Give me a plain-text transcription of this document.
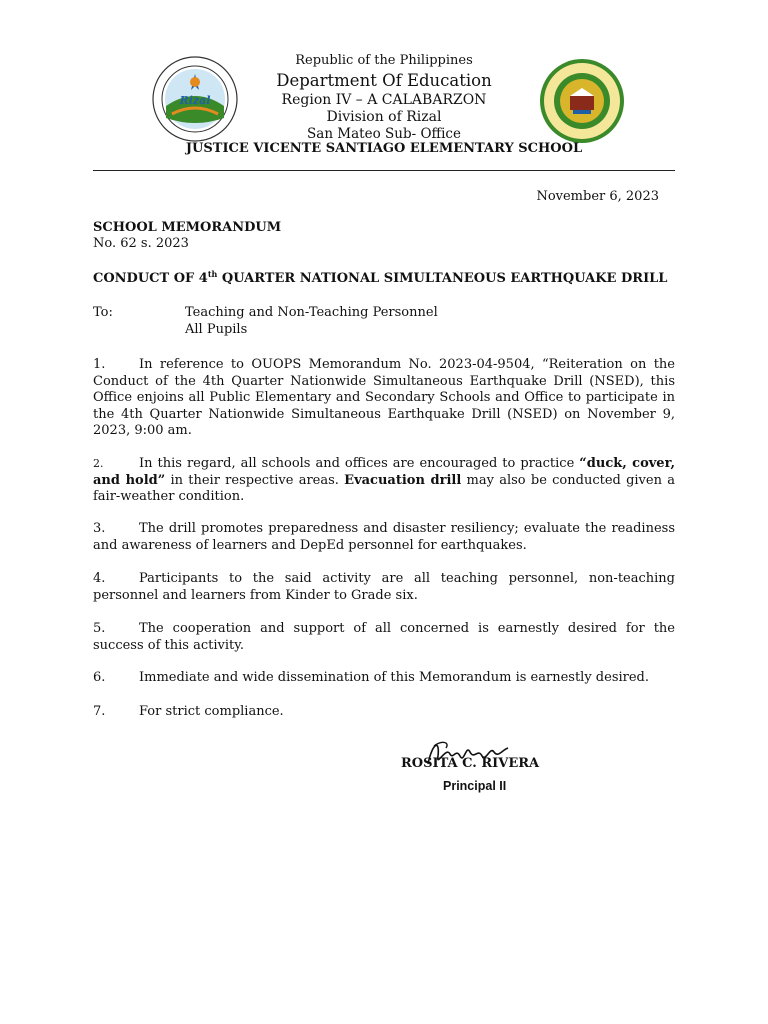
Rizal
Republic of the Philippines
Department Of Education
Region IV – A CALABARZON
Division of Rizal
San Mateo Sub- Office
JUSTICE VICENTE SANTIAGO ELEMENTARY SCHOOL
November 6, 2023
SCHOOL MEMORANDUM
No. 62 s. 2023
CONDUCT OF 4th QUARTER NATIONAL SIMULTANEOUS EARTHQUAKE DRILL
To:	Teaching and Non-Teaching Personnel
All Pupils
1.	In reference to OUOPS Memorandum No. 2023-04-9504, “Reiteration on the Conduct of the 4th Quarter Nationwide Simultaneous Earthquake Drill (NSED), this Office enjoins all Public Elementary and Secondary Schools and Office to participate in the 4th Quarter Nationwide Simultaneous Earthquake Drill (NSED) on November 9, 2023, 9:00 am.
2.	In this regard, all schools and offices are encouraged to practice “duck, cover, and hold” in their respective areas. Evacuation drill may also be conducted given a fair-weather condition.
3.	The drill promotes preparedness and disaster resiliency; evaluate the readiness and awareness of learners and DepEd personnel for earthquakes.
4.	Participants to the said activity are all teaching personnel, non-teaching personnel and learners from Kinder to Grade six.
5.	The cooperation and support of all concerned is earnestly desired for the success of this activity.
6.	Immediate and wide dissemination of this Memorandum is earnestly desired.
7.	For strict compliance.
ROSITA C. RIVERA
Principal II
